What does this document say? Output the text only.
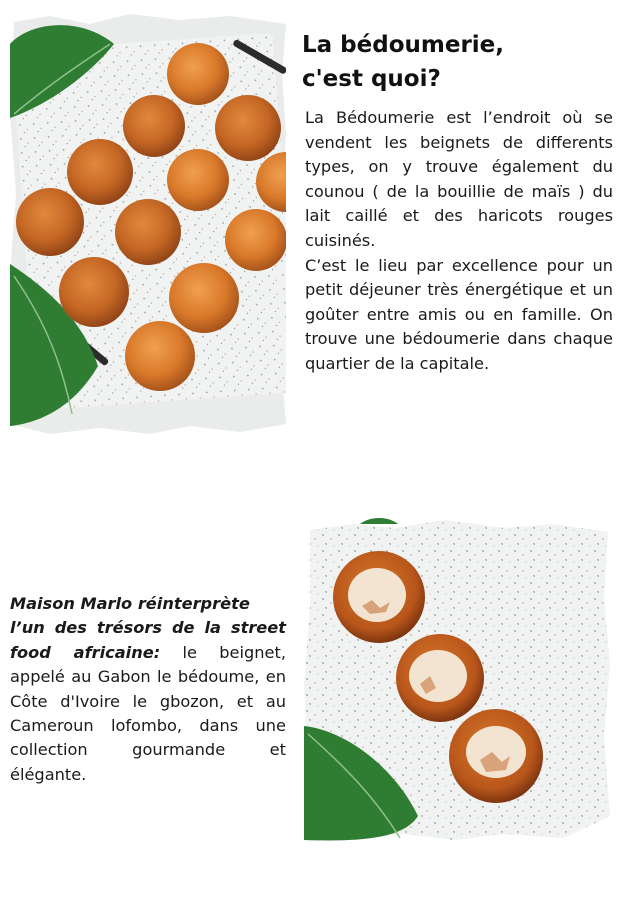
La bédoumerie,
c'est quoi?

La Bédoumerie est l’endroit où se vendent les beignets de differents types, on y trouve également du counou ( de la bouillie de maïs ) du lait caillé et des haricots rouges cuisinés.

C’est le lieu par excellence pour un petit déjeuner très énergétique et un goûter entre amis ou en famille. On trouve une bédoumerie dans chaque quartier de la capitale.

Maison Marlo réinterprète
l’un des trésors de la street food africaine: le beignet, appelé au Gabon le bédoume, en Côte d'Ivoire le gbozon, et au Cameroun lofombo, dans une collection gourmande et élégante.
